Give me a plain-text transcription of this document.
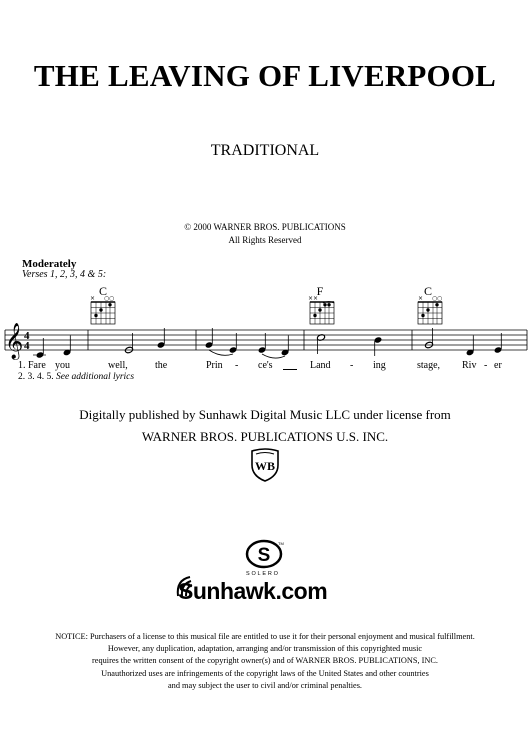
THE LEAVING OF LIVERPOOL
TRADITIONAL
© 2000 WARNER BROS. PUBLICATIONS
All Rights Reserved
Moderately
Verses 1, 2, 3, 4 & 5:
C	F	C
× ○ ○	××	× ○ ○
𝄞 4
4
1. Fare you	well,	the	Prin - ce's	Land - ing	stage, Riv - er
2. 3. 4. 5. See additional lyrics
Digitally published by Sunhawk Digital Music LLC under license from
WARNER BROS. PUBLICATIONS U.S. INC.
WB
S
TM
SOLERO
Sunhawk.com
NOTICE: Purchasers of a license to this musical file are entitled to use it for their personal enjoyment and musical fulfillment.
However, any duplication, adaptation, arranging and/or transmission of this copyrighted music
requires the written consent of the copyright owner(s) and of WARNER BROS. PUBLICATIONS, INC.
Unauthorized uses are infringements of the copyright laws of the United States and other countries
and may subject the user to civil and/or criminal penalties.
